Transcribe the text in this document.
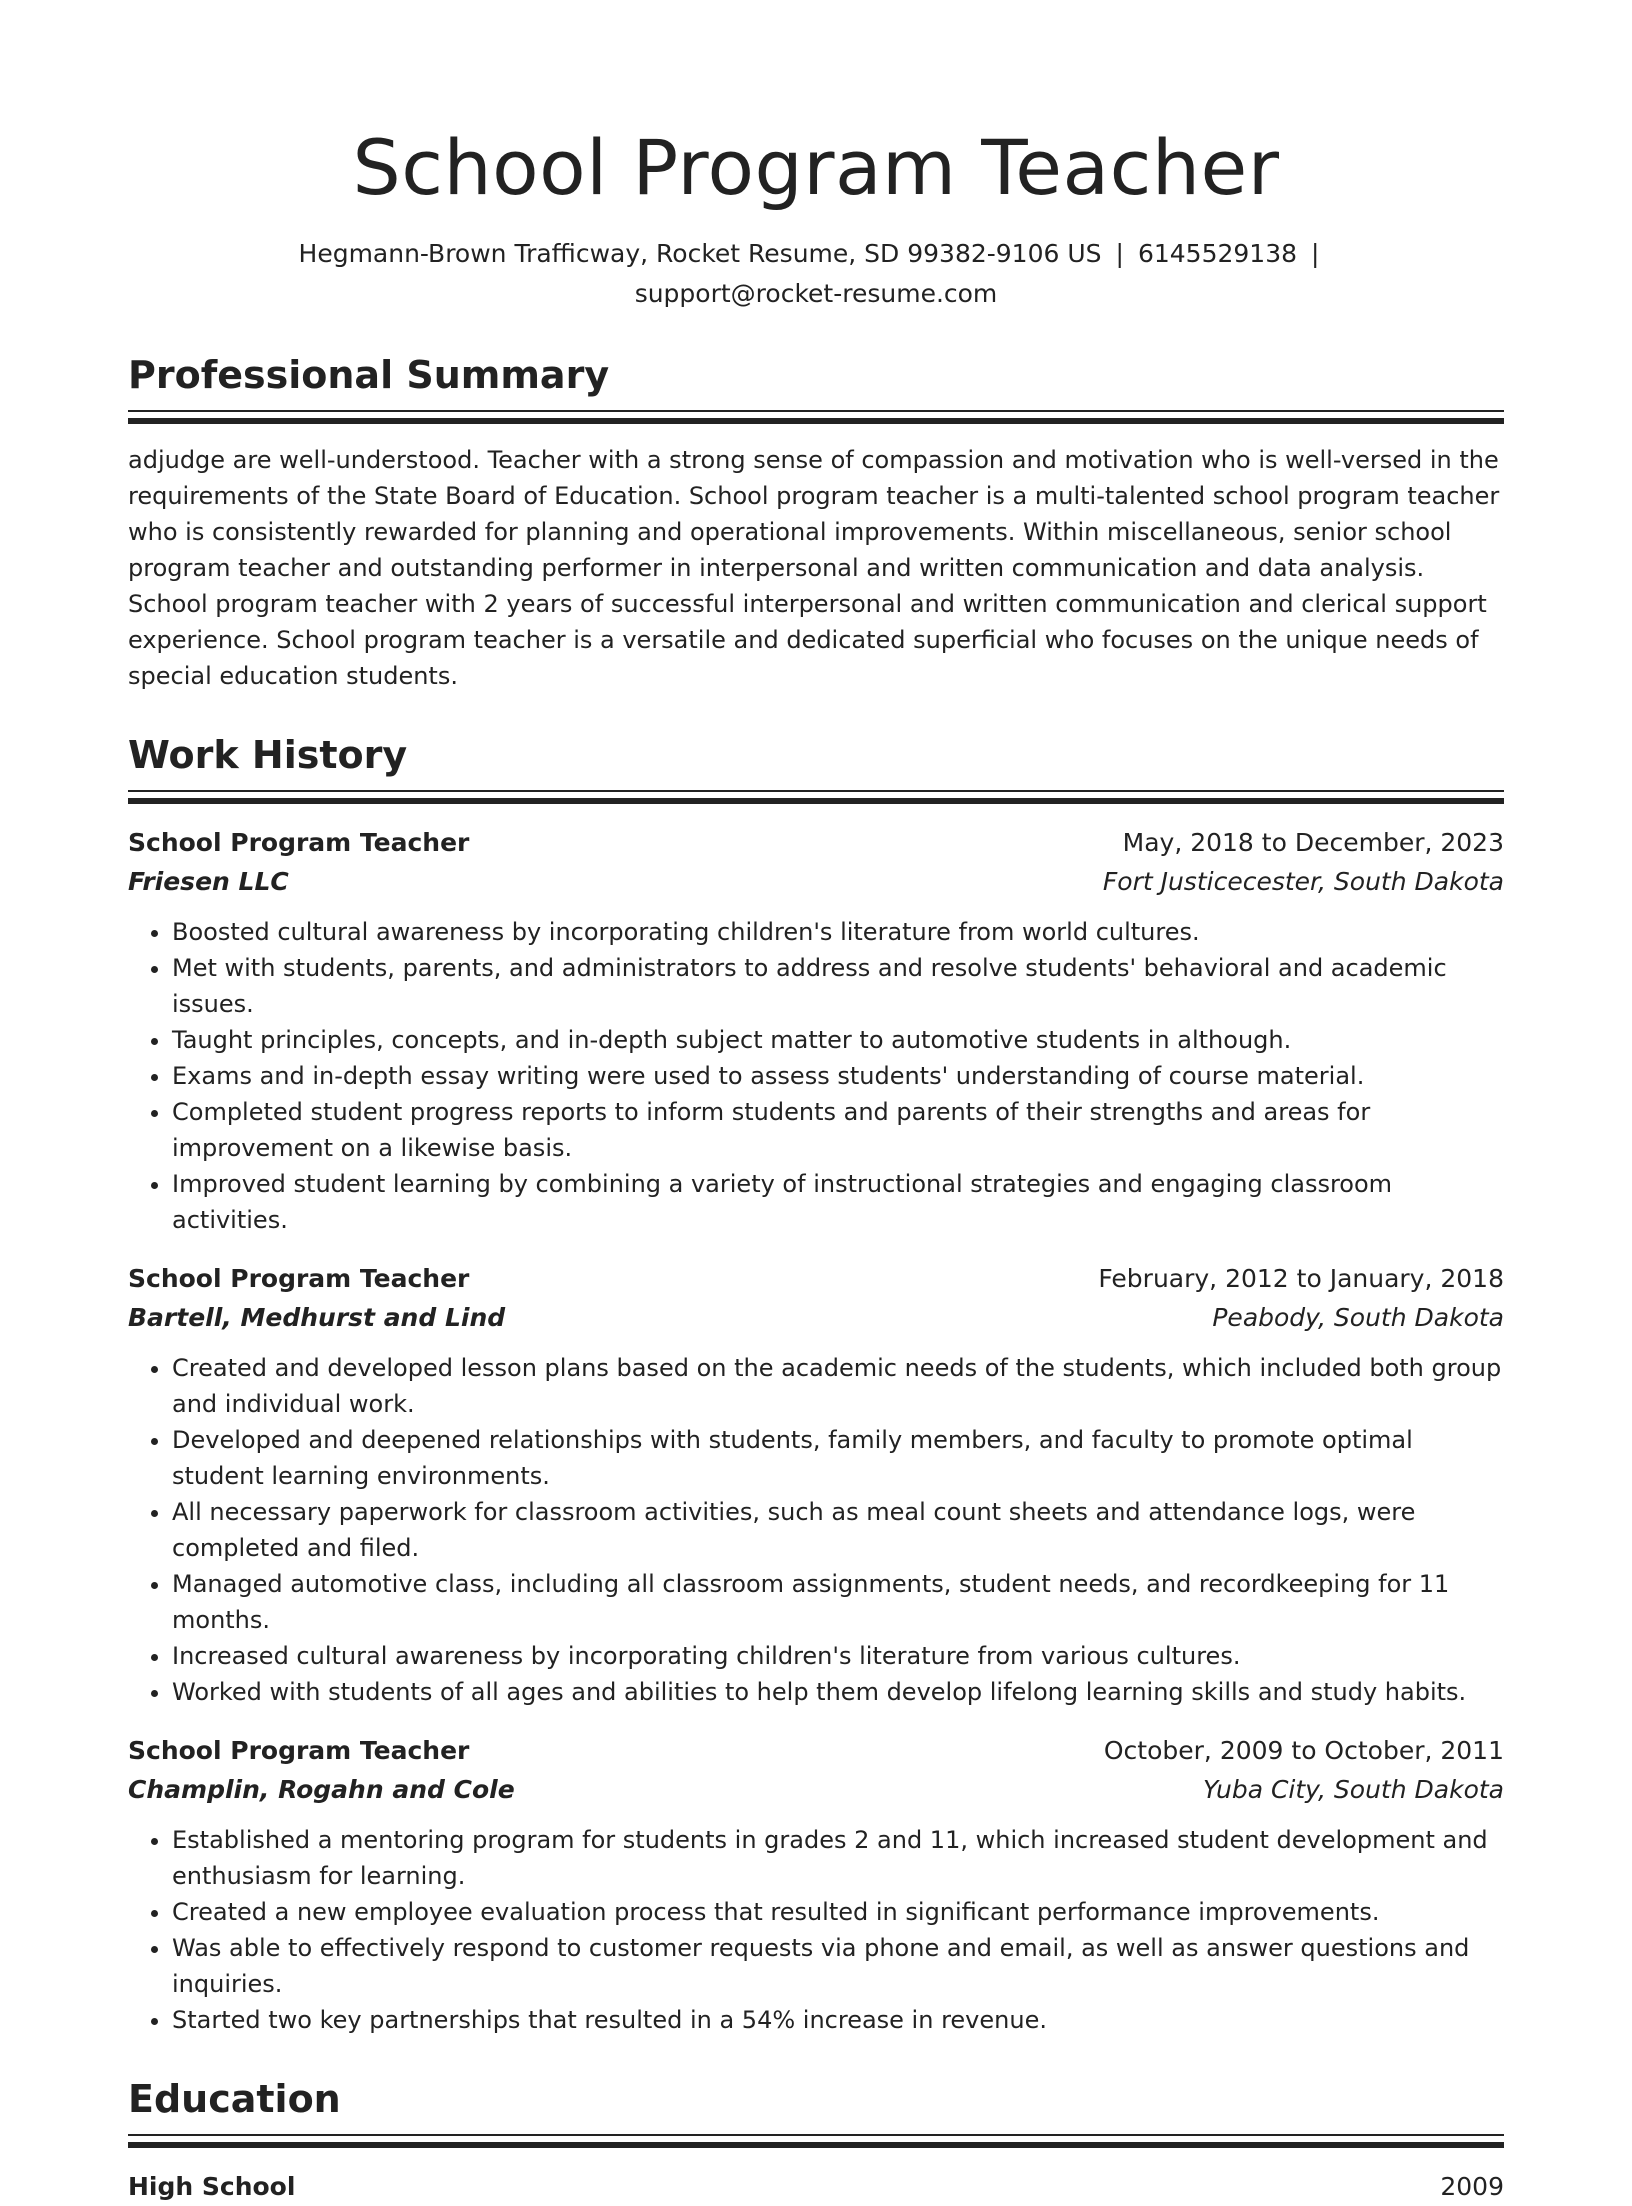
School Program Teacher
Hegmann-Brown Trafficway, Rocket Resume, SD 99382-9106 US | 6145529138 |
support@rocket-resume.com
Professional Summary

adjudge are well-understood. Teacher with a strong sense of compassion and motivation who is well-versed in the requirements of the State Board of Education. School program teacher is a multi-talented school program teacher who is consistently rewarded for planning and operational improvements. Within miscellaneous, senior school program teacher and outstanding performer in interpersonal and written communication and data analysis. School program teacher with 2 years of successful interpersonal and written communication and clerical support experience. School program teacher is a versatile and dedicated superficial who focuses on the unique needs of special education students.

Work History
School Program Teacher	May, 2018 to December, 2023
Friesen LLC	Fort Justicecester, South Dakota
• Boosted cultural awareness by incorporating children's literature from world cultures.
• Met with students, parents, and administrators to address and resolve students' behavioral and academic issues.
• Taught principles, concepts, and in-depth subject matter to automotive students in although.
• Exams and in-depth essay writing were used to assess students' understanding of course material.
• Completed student progress reports to inform students and parents of their strengths and areas for improvement on a likewise basis.
• Improved student learning by combining a variety of instructional strategies and engaging classroom activities.
School Program Teacher	February, 2012 to January, 2018
Bartell, Medhurst and Lind	Peabody, South Dakota
• Created and developed lesson plans based on the academic needs of the students, which included both group and individual work.
• Developed and deepened relationships with students, family members, and faculty to promote optimal student learning environments.
• All necessary paperwork for classroom activities, such as meal count sheets and attendance logs, were completed and filed.
• Managed automotive class, including all classroom assignments, student needs, and recordkeeping for 11 months.
• Increased cultural awareness by incorporating children's literature from various cultures.
• Worked with students of all ages and abilities to help them develop lifelong learning skills and study habits.
School Program Teacher	October, 2009 to October, 2011
Champlin, Rogahn and Cole	Yuba City, South Dakota
• Established a mentoring program for students in grades 2 and 11, which increased student development and enthusiasm for learning.
• Created a new employee evaluation process that resulted in significant performance improvements.
• Was able to effectively respond to customer requests via phone and email, as well as answer questions and inquiries.
• Started two key partnerships that resulted in a 54% increase in revenue.
Education
High School	2009
